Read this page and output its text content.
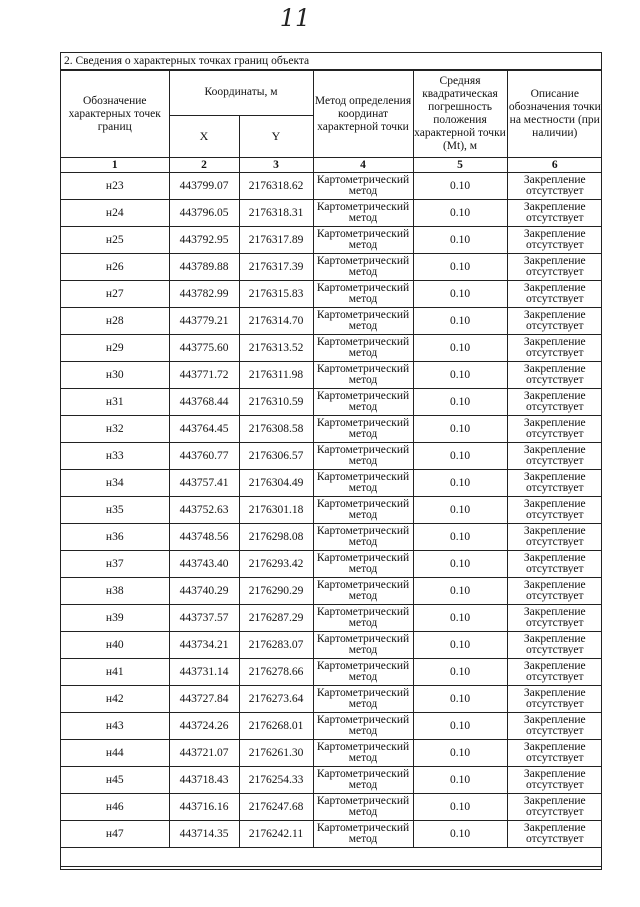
11
2. Сведения о характерных точках границ объекта
Обозначение характерных точек границ	Координаты, м		Метод определения координат характерной точки	Средняя квадратическая погрешность положения характерной точки (Mt), м	Описание обозначения точки на местности (при наличии)
	X	Y			
1	2	3	4	5	6
н23	443799.07	2176318.62	Картометрический метод	0.10	Закрепление отсутствует
н24	443796.05	2176318.31	Картометрический метод	0.10	Закрепление отсутствует
н25	443792.95	2176317.89	Картометрический метод	0.10	Закрепление отсутствует
н26	443789.88	2176317.39	Картометрический метод	0.10	Закрепление отсутствует
н27	443782.99	2176315.83	Картометрический метод	0.10	Закрепление отсутствует
н28	443779.21	2176314.70	Картометрический метод	0.10	Закрепление отсутствует
н29	443775.60	2176313.52	Картометрический метод	0.10	Закрепление отсутствует
н30	443771.72	2176311.98	Картометрический метод	0.10	Закрепление отсутствует
н31	443768.44	2176310.59	Картометрический метод	0.10	Закрепление отсутствует
н32	443764.45	2176308.58	Картометрический метод	0.10	Закрепление отсутствует
н33	443760.77	2176306.57	Картометрический метод	0.10	Закрепление отсутствует
н34	443757.41	2176304.49	Картометрический метод	0.10	Закрепление отсутствует
н35	443752.63	2176301.18	Картометрический метод	0.10	Закрепление отсутствует
н36	443748.56	2176298.08	Картометрический метод	0.10	Закрепление отсутствует
н37	443743.40	2176293.42	Картометрический метод	0.10	Закрепление отсутствует
н38	443740.29	2176290.29	Картометрический метод	0.10	Закрепление отсутствует
н39	443737.57	2176287.29	Картометрический метод	0.10	Закрепление отсутствует
н40	443734.21	2176283.07	Картометрический метод	0.10	Закрепление отсутствует
н41	443731.14	2176278.66	Картометрический метод	0.10	Закрепление отсутствует
н42	443727.84	2176273.64	Картометрический метод	0.10	Закрепление отсутствует
н43	443724.26	2176268.01	Картометрический метод	0.10	Закрепление отсутствует
н44	443721.07	2176261.30	Картометрический метод	0.10	Закрепление отсутствует
н45	443718.43	2176254.33	Картометрический метод	0.10	Закрепление отсутствует
н46	443716.16	2176247.68	Картометрический метод	0.10	Закрепление отсутствует
н47	443714.35	2176242.11	Картометрический метод	0.10	Закрепление отсутствует
